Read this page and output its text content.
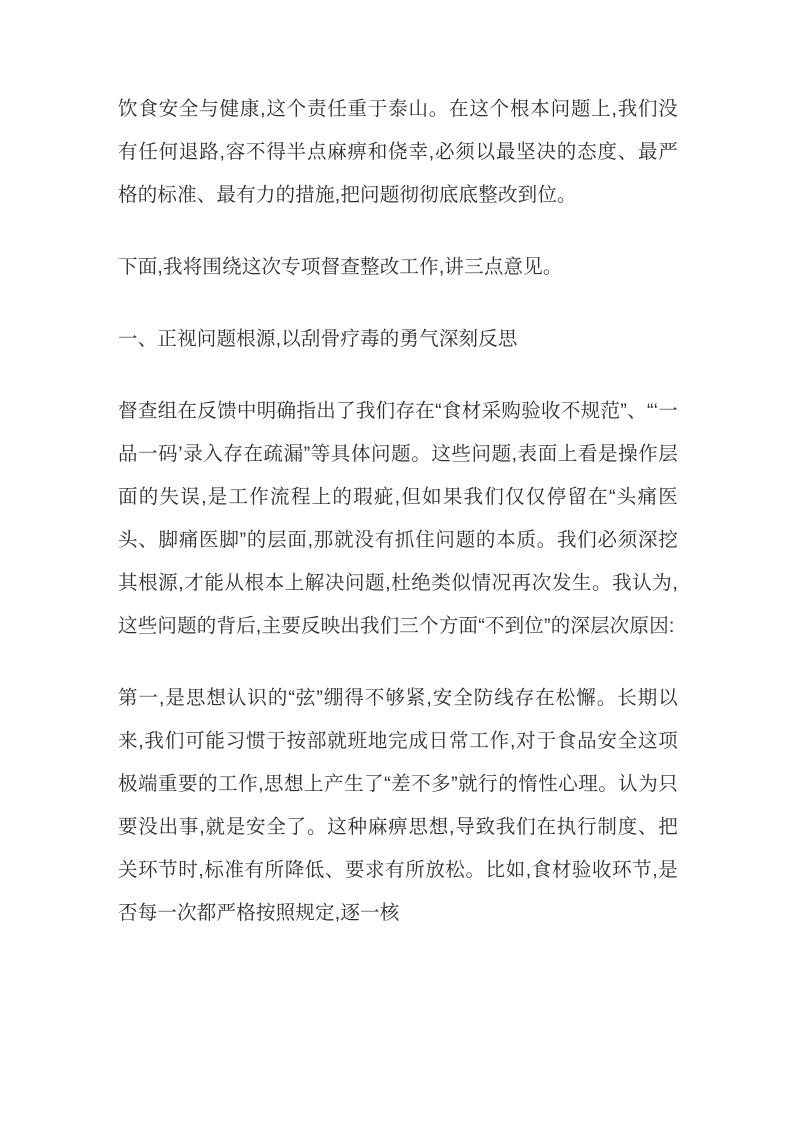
饮食安全与健康,这个责任重于泰山。在这个根本问题上,我们没有任何退路,容不得半点麻痹和侥幸,必须以最坚决的态度、最严格的标准、最有力的措施,把问题彻彻底底整改到位。

下面,我将围绕这次专项督查整改工作,讲三点意见。

一、正视问题根源,以刮骨疗毒的勇气深刻反思

督查组在反馈中明确指出了我们存在“食材采购验收不规范”、“‘一品一码’录入存在疏漏”等具体问题。这些问题,表面上看是操作层面的失误,是工作流程上的瑕疵,但如果我们仅仅停留在“头痛医头、脚痛医脚”的层面,那就没有抓住问题的本质。我们必须深挖其根源,才能从根本上解决问题,杜绝类似情况再次发生。我认为,这些问题的背后,主要反映出我们三个方面“不到位”的深层次原因:

第一,是思想认识的“弦”绷得不够紧,安全防线存在松懈。长期以来,我们可能习惯于按部就班地完成日常工作,对于食品安全这项极端重要的工作,思想上产生了“差不多”就行的惰性心理。认为只要没出事,就是安全了。这种麻痹思想,导致我们在执行制度、把关环节时,标准有所降低、要求有所放松。比如,食材验收环节,是否每一次都严格按照规定,逐一核
